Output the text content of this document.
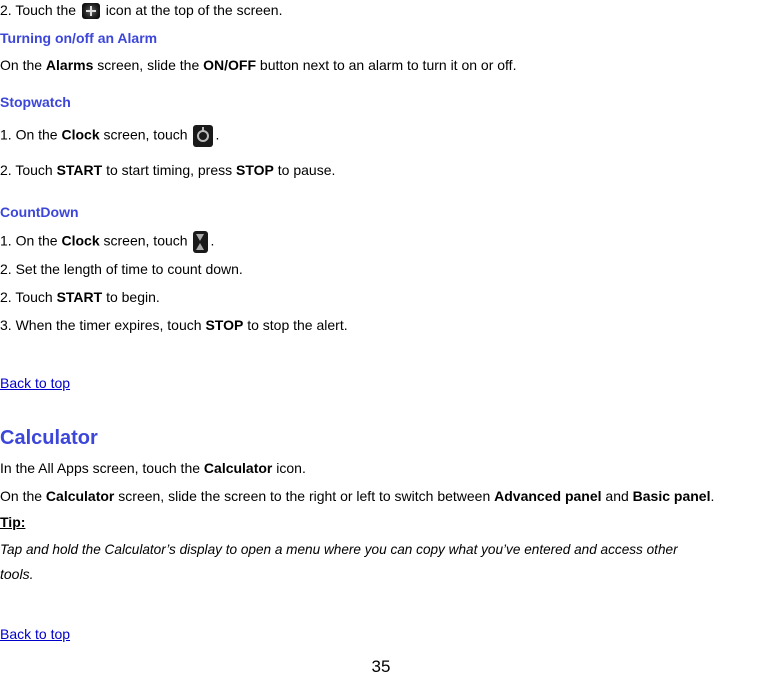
2. Touch the  icon at the top of the screen.
Turning on/off an Alarm
On the Alarms screen, slide the ON/OFF button next to an alarm to turn it on or off.
Stopwatch
1. On the Clock screen, touch .
2. Touch START to start timing, press STOP to pause.
CountDown
1. On the Clock screen, touch .
2. Set the length of time to count down.
2. Touch START to begin.
3. When the timer expires, touch STOP to stop the alert.
Back to top
Calculator
In the All Apps screen, touch the Calculator icon.
On the Calculator screen, slide the screen to the right or left to switch between Advanced panel and Basic panel.
Tip:
Tap and hold the Calculator’s display to open a menu where you can copy what you’ve entered and access other
tools.
Back to top
35
